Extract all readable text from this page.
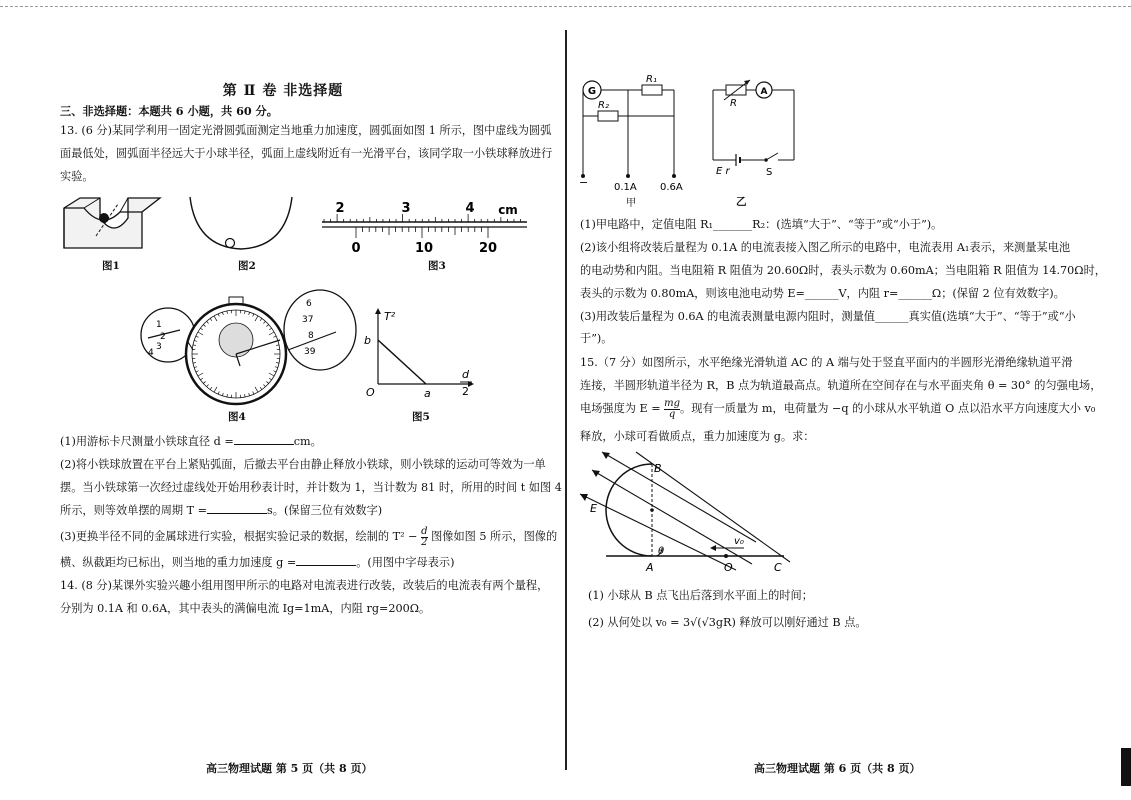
第 Ⅱ 卷 非选择题
三、非选择题：本题共 6 小题，共 60 分。
13. (6 分)某同学利用一固定光滑圆弧面测定当地重力加速度，圆弧面如图 1 所示，图中虚线为圆弧
面最低处，圆弧面半径远大于小球半径，弧面上虚线附近有一光滑平台，该同学取一小铁球释放进行
实验。
图1	图2
2	3	4 cm
0	10	20
图3
1
2
3
4
6
37
8
39
图4
T²
b
O	a
d
2
图5
(1)用游标卡尺测量小铁球直径 d =	cm。
(2)将小铁球放置在平台上紧贴弧面，后撤去平台由静止释放小铁球，则小铁球的运动可等效为一单
摆。当小铁球第一次经过虚线处开始用秒表计时，并计数为 1，当计数为 81 时，所用的时间 t 如图 4
所示，则等效单摆的周期 T =	s。(保留三位有效数字)
(3)更换半径不同的金属球进行实验，根据实验记录的数据，绘制的 $T^2 - \frac{d}{2}$ 图像如图 5 所示，图像的
横、纵截距均已标出，则当地的重力加速度 g =	。(用图中字母表示)
14. (8 分)某课外实验兴趣小组用图甲所示的电路对电流表进行改装，改装后的电流表有两个量程，
分别为 0.1A 和 0.6A，其中表头的满偏电流 Ig=1mA，内阻 rg=200Ω。
高三物理试题 第 5 页（共 8 页）
G
R₁
R₂
−	0.1A 0.6A
甲
R
A
E r	S
乙
(1)甲电路中，定值电阻 R₁_______R₂：(选填“大于”、“等于”或“小于”)。
(2)该小组将改装后量程为 0.1A 的电流表接入图乙所示的电路中，电流表用 A₁表示，来测量某电池
的电动势和内阻。当电阻箱 R 阻值为 20.60Ω时，表头示数为 0.60mA；当电阻箱 R 阻值为 14.70Ω时，
表头的示数为 0.80mA，则该电池电动势 E=______V，内阻 r=______Ω；(保留 2 位有效数字)。
(3)用改装后量程为 0.6A 的电流表测量电源内阻时，测量值______真实值(选填“大于”、“等于”或“小
于”)。
15.（7 分）如图所示，水平绝缘光滑轨道 AC 的 A 端与处于竖直平面内的半圆形光滑绝缘轨道平滑
连接，半圆形轨道半径为 R，B 点为轨道最高点。轨道所在空间存在与水平面夹角 θ = 30° 的匀强电场，
电场强度为 $E = \frac{mg}{q}$ 。现有一质量为 m，电荷量为 −q 的小球从水平轨道 O 点以沿水平方向速度大小 v₀
释放，小球可看做质点，重力加速度为 g。求：
B
E
A	O	C
θ
v₀
(1) 小球从 B 点飞出后落到水平面上的时间；
(2) 从何处以 v₀ = 3√(√3gR) 释放可以刚好通过 B 点。
高三物理试题 第 6 页（共 8 页）
